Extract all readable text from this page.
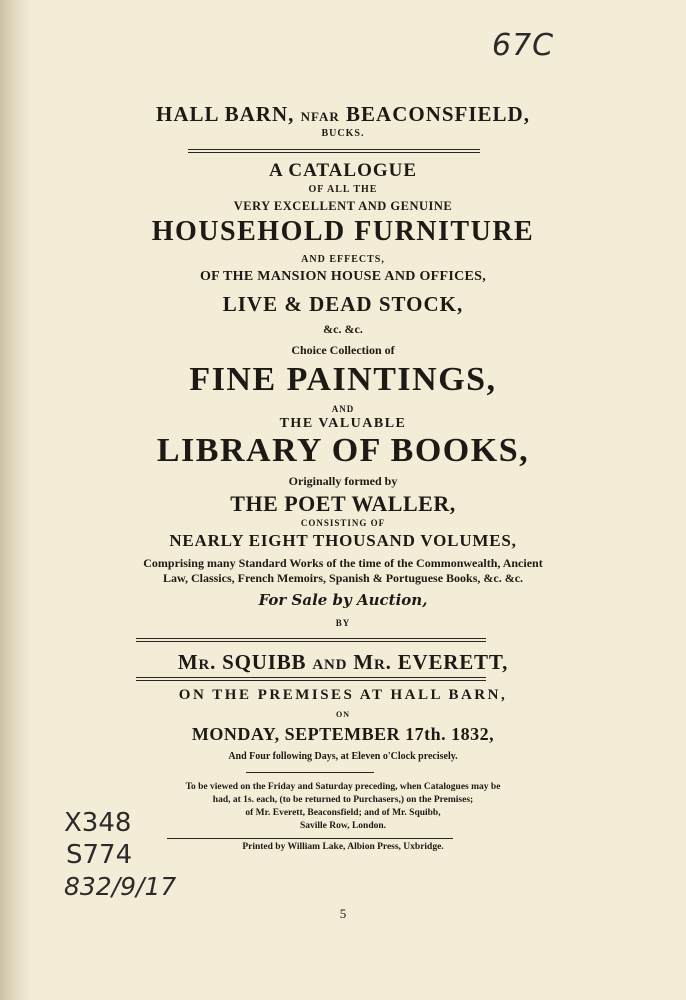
67C
HALL BARN, NFAR BEACONSFIELD,
BUCKS.
A CATALOGUE
OF ALL THE
VERY EXCELLENT AND GENUINE
HOUSEHOLD FURNITURE
AND EFFECTS,
OF THE MANSION HOUSE AND OFFICES,
LIVE & DEAD STOCK,
&c. &c.
Choice Collection of
FINE PAINTINGS,
AND
THE VALUABLE
LIBRARY OF BOOKS,
Originally formed by
THE POET WALLER,
CONSISTING OF
NEARLY EIGHT THOUSAND VOLUMES,
Comprising many Standard Works of the time of the Commonwealth, Ancient
Law, Classics, French Memoirs, Spanish & Portuguese Books, &c. &c.
For Sale by Auction,
BY
Mr. SQUIBB and Mr. EVERETT,
ON THE PREMISES AT HALL BARN,
ON
MONDAY, SEPTEMBER 17th. 1832,
And Four following Days, at Eleven o'Clock precisely.
To be viewed on the Friday and Saturday preceding, when Catalogues may be
had, at 1s. each, (to be returned to Purchasers,) on the Premises;
of Mr. Everett, Beaconsfield; and of Mr. Squibb,
Saville Row, London.
Printed by William Lake, Albion Press, Uxbridge.
X348
S774
832/9/17
5
